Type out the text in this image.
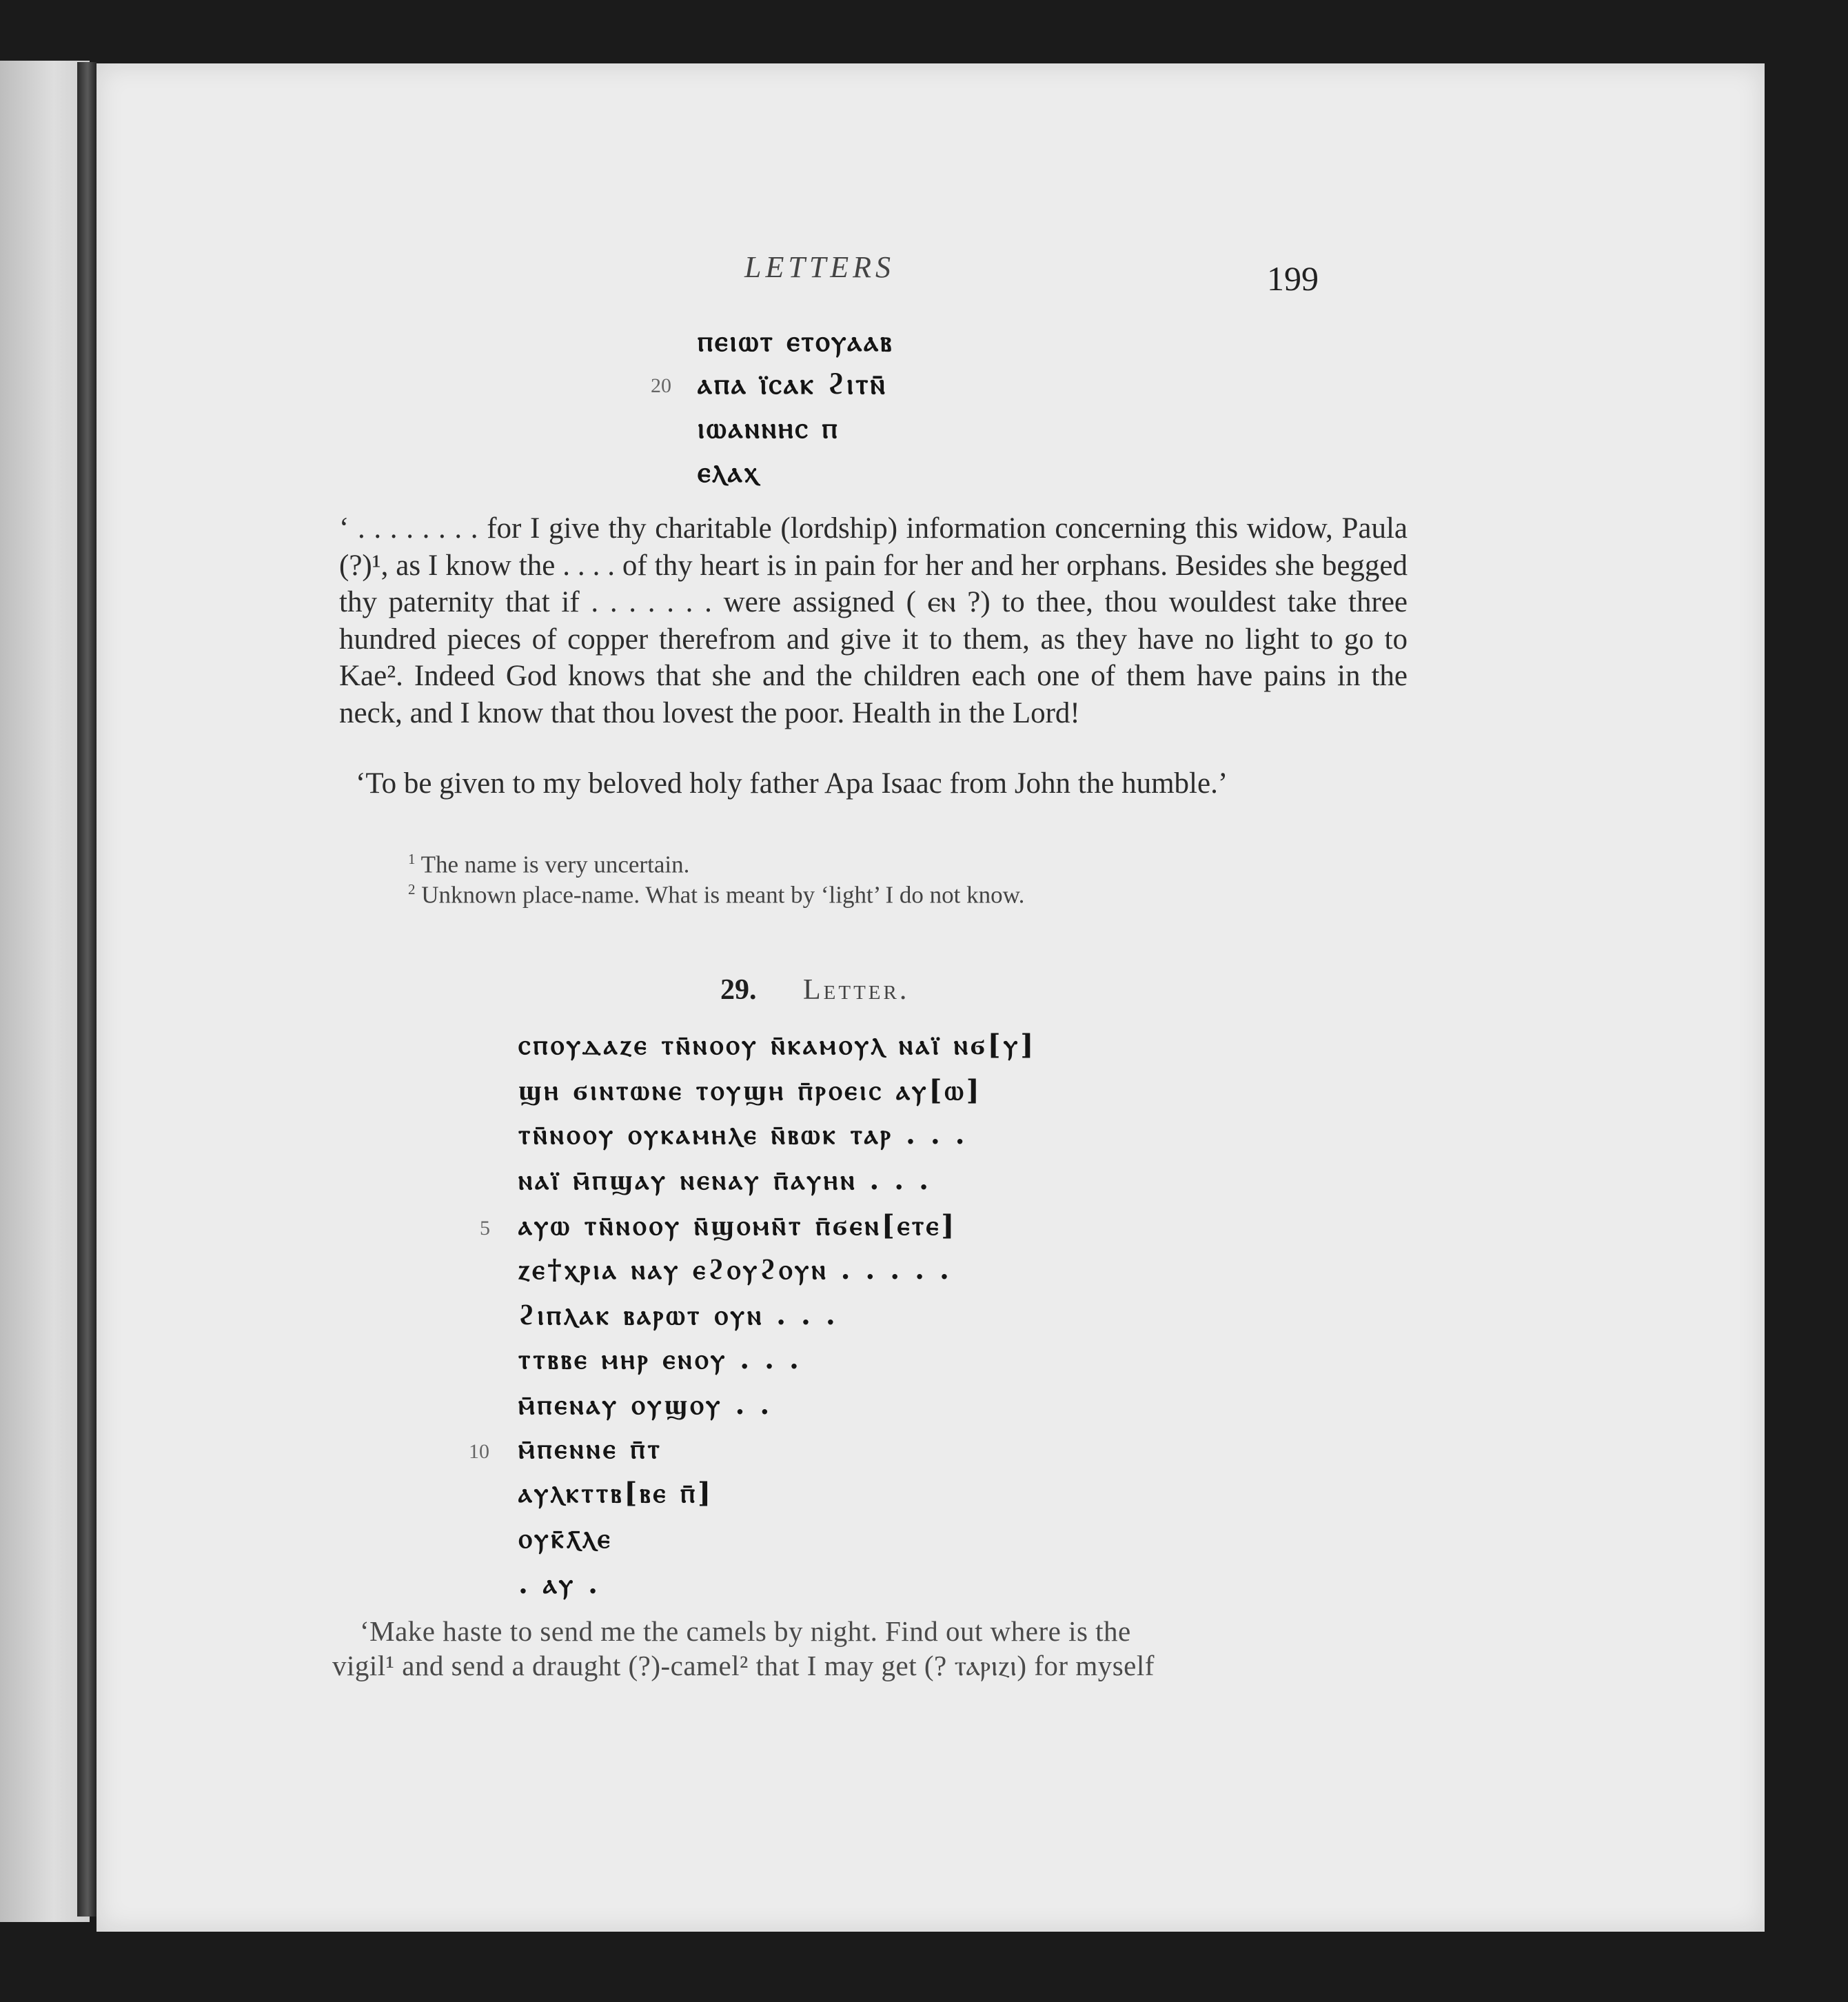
LETTERS	199
ⲡⲉⲓⲱⲧ ⲉⲧⲟⲩⲁⲁⲃ
20 ⲁⲡⲁ ⲓ̈ⲥⲁⲕ ϩⲓⲧⲛ̄
ⲓⲱⲁⲛⲛⲏⲥ ⲡ
ⲉⲗⲁⲭ
‘ . . . . . . . . for I give thy charitable (lordship) information concerning this widow, Paula (?)¹, as I know the . . . . of thy heart is in pain for her and her orphans. Besides she begged thy paternity that if . . . . . . . were assigned ( ⲉⲛ ?) to thee, thou wouldest take three hundred pieces of copper therefrom and give it to them, as they have no light to go to Kae². Indeed God knows that she and the children each one of them have pains in the neck, and I know that thou lovest the poor. Health in the Lord!
‘To be given to my beloved holy father Apa Isaac from John the humble.’
$^1$ The name is very uncertain.
$^2$ Unknown place-name. What is meant by ‘light’ I do not know.
29. Letter.
ⲥⲡⲟⲩⲇⲁⲍⲉ ⲧⲛ̄ⲛⲟⲟⲩ ⲛ̄ⲕⲁⲙⲟⲩⲗ ⲛⲁⲓ̈ ⲛϭ[ⲩ]
ϣⲏ ϭⲓⲛⲧⲱⲛⲉ ⲧⲟⲩϣⲏ ⲡ̄ⲣⲟⲉⲓⲥ ⲁⲩ[ⲱ]
ⲧⲛ̄ⲛⲟⲟⲩ ⲟⲩⲕⲁⲙⲏⲗⲉ ⲛ̄ⲃⲱⲕ ⲧⲁⲣ . . .
ⲛⲁⲓ̈ ⲙ̄ⲡϣⲁⲩ ⲛⲉⲛⲁⲩ ⲡ̄ⲁⲩⲏⲛ . . .
5 ⲁⲩⲱ ⲧⲛ̄ⲛⲟⲟⲩ ⲛ̄ϣⲟⲙⲛ̄ⲧ ⲡ̄ϭⲉⲛ[ⲉⲧⲉ]
ⲍⲉ†ⲭⲣⲓⲁ ⲛⲁⲩ ⲉϩⲟⲩϩⲟⲩⲛ . . . . .
ϩⲓⲡⲗⲁⲕ ⲃⲁⲣⲱⲧ ⲟⲩⲛ . . .
ⲧⲧⲃⲃⲉ ⲙⲏⲣ ⲉⲛⲟⲩ . . .
ⲙ̄ⲡⲉⲛⲁⲩ ⲟⲩϣⲟⲩ . .
10 ⲙ̄ⲡⲉⲛⲛⲉ ⲡ̄ⲧ
ⲁⲩⲗⲕⲧⲧⲃ[ⲃⲉ ⲡ̄]
ⲟⲩⲕ̄ⲗ̄ⲗⲉ
. ⲁⲩ .
‘Make haste to send me the camels by night. Find out where is the
vigil¹ and send a draught (?)-camel² that I may get (? ⲧⲁⲣⲓⲍⲓ) for myself
